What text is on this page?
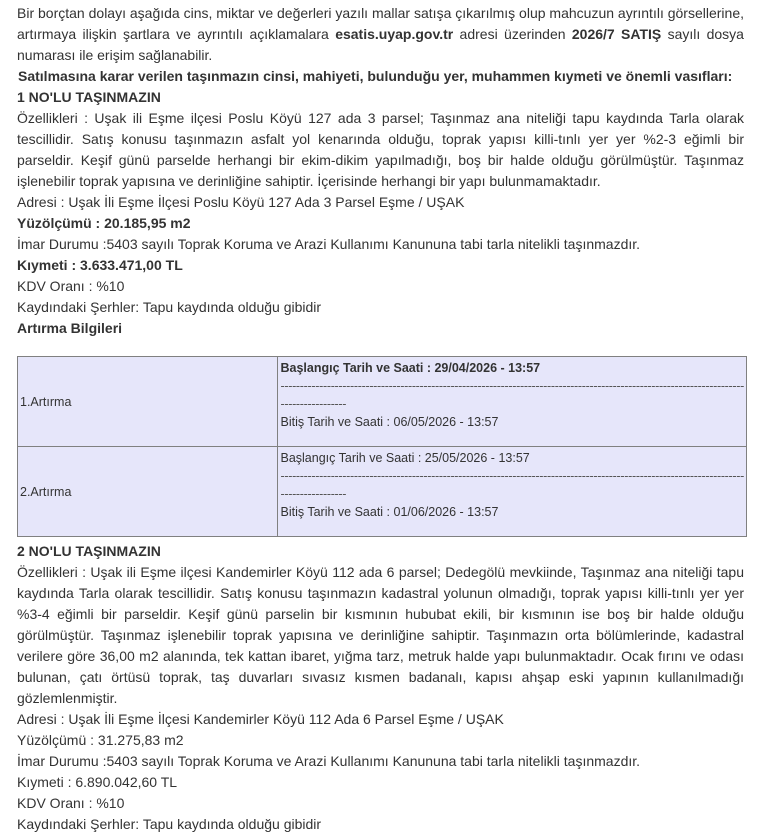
Bir borçtan dolayı aşağıda cins, miktar ve değerleri yazılı mallar satışa çıkarılmış olup mahcuzun ayrıntılı görsellerine, artırmaya ilişkin şartlara ve ayrıntılı açıklamalara esatis.uyap.gov.tr adresi üzerinden 2026/7 SATIŞ sayılı dosya numarası ile erişim sağlanabilir.

Satılmasına karar verilen taşınmazın cinsi, mahiyeti, bulunduğu yer, muhammen kıymeti ve önemli vasıfları:

1 NO'LU TAŞINMAZIN

Özellikleri : Uşak ili Eşme ilçesi Poslu Köyü 127 ada 3 parsel; Taşınmaz ana niteliği tapu kaydında Tarla olarak tescillidir. Satış konusu taşınmazın asfalt yol kenarında olduğu, toprak yapısı killi-tınlı yer yer %2-3 eğimli bir parseldir. Keşif günü parselde herhangi bir ekim-dikim yapılmadığı, boş bir halde olduğu görülmüştür. Taşınmaz işlenebilir toprak yapısına ve derinliğine sahiptir. İçerisinde herhangi bir yapı bulunmamaktadır.

Adresi : Uşak İli Eşme İlçesi Poslu Köyü 127 Ada 3 Parsel Eşme / UŞAK

Yüzölçümü : 20.185,95 m2

İmar Durumu :5403 sayılı Toprak Koruma ve Arazi Kullanımı Kanununa tabi tarla nitelikli taşınmazdır.

Kıymeti : 3.633.471,00 TL

KDV Oranı : %10

Kaydındaki Şerhler: Tapu kaydında olduğu gibidir

Artırma Bilgileri

1.Artırma	Başlangıç Tarih ve Saati : 29/04/2026 - 13:57
------------------------------------------------------------------------------------------------------------------------
-----------------
Bitiş Tarih ve Saati : 06/05/2026 - 13:57

2.Artırma	Başlangıç Tarih ve Saati : 25/05/2026 - 13:57
------------------------------------------------------------------------------------------------------------------------
-----------------
Bitiş Tarih ve Saati : 01/06/2026 - 13:57

2 NO'LU TAŞINMAZIN

Özellikleri : Uşak ili Eşme ilçesi Kandemirler Köyü 112 ada 6 parsel; Dedegölü mevkiinde, Taşınmaz ana niteliği tapu kaydında Tarla olarak tescillidir. Satış konusu taşınmazın kadastral yolunun olmadığı, toprak yapısı killi-tınlı yer yer %3-4 eğimli bir parseldir. Keşif günü parselin bir kısmının hububat ekili, bir kısmının ise boş bir halde olduğu görülmüştür. Taşınmaz işlenebilir toprak yapısına ve derinliğine sahiptir. Taşınmazın orta bölümlerinde, kadastral verilere göre 36,00 m2 alanında, tek kattan ibaret, yığma tarz, metruk halde yapı bulunmaktadır. Ocak fırını ve odası bulunan, çatı örtüsü toprak, taş duvarları sıvasız kısmen badanalı, kapısı ahşap eski yapının kullanılmadığı gözlemlenmiştir.

Adresi : Uşak İli Eşme İlçesi Kandemirler Köyü 112 Ada 6 Parsel Eşme / UŞAK

Yüzölçümü : 31.275,83 m2

İmar Durumu :5403 sayılı Toprak Koruma ve Arazi Kullanımı Kanununa tabi tarla nitelikli taşınmazdır.

Kıymeti : 6.890.042,60 TL

KDV Oranı : %10

Kaydındaki Şerhler: Tapu kaydında olduğu gibidir
